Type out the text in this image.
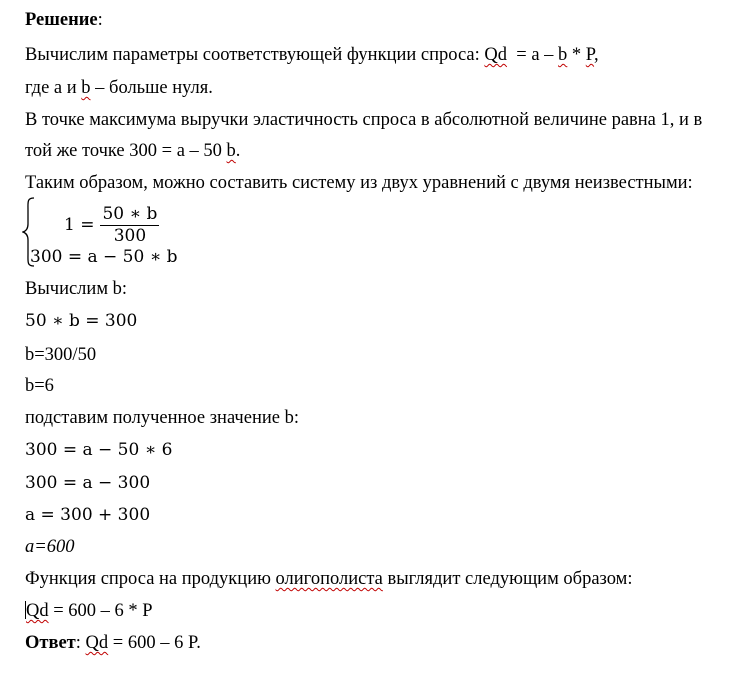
Решение:
Вычислим параметры соответствующей функции спроса: Qd  = a – b * P,
где a и b – больше нуля.
В точке максимума выручки эластичность спроса в абсолютной величине равна 1, и в
той же точке 300 = a – 50 b.
Таким образом, можно составить систему из двух уравнений с двумя неизвестными:
$1 = \frac{50 ∗ b}{300}$
300 = a − 50 ∗ b
Вычислим b:
50 ∗ b = 300
b=300/50
b=6
подставим полученное значение b:
300 = a − 50 ∗ 6
300 = a − 300
a = 300 + 300
a=600
Функция спроса на продукцию олигополиста выглядит следующим образом:
Qd = 600 – 6 * P
Ответ: Qd = 600 – 6 P.
